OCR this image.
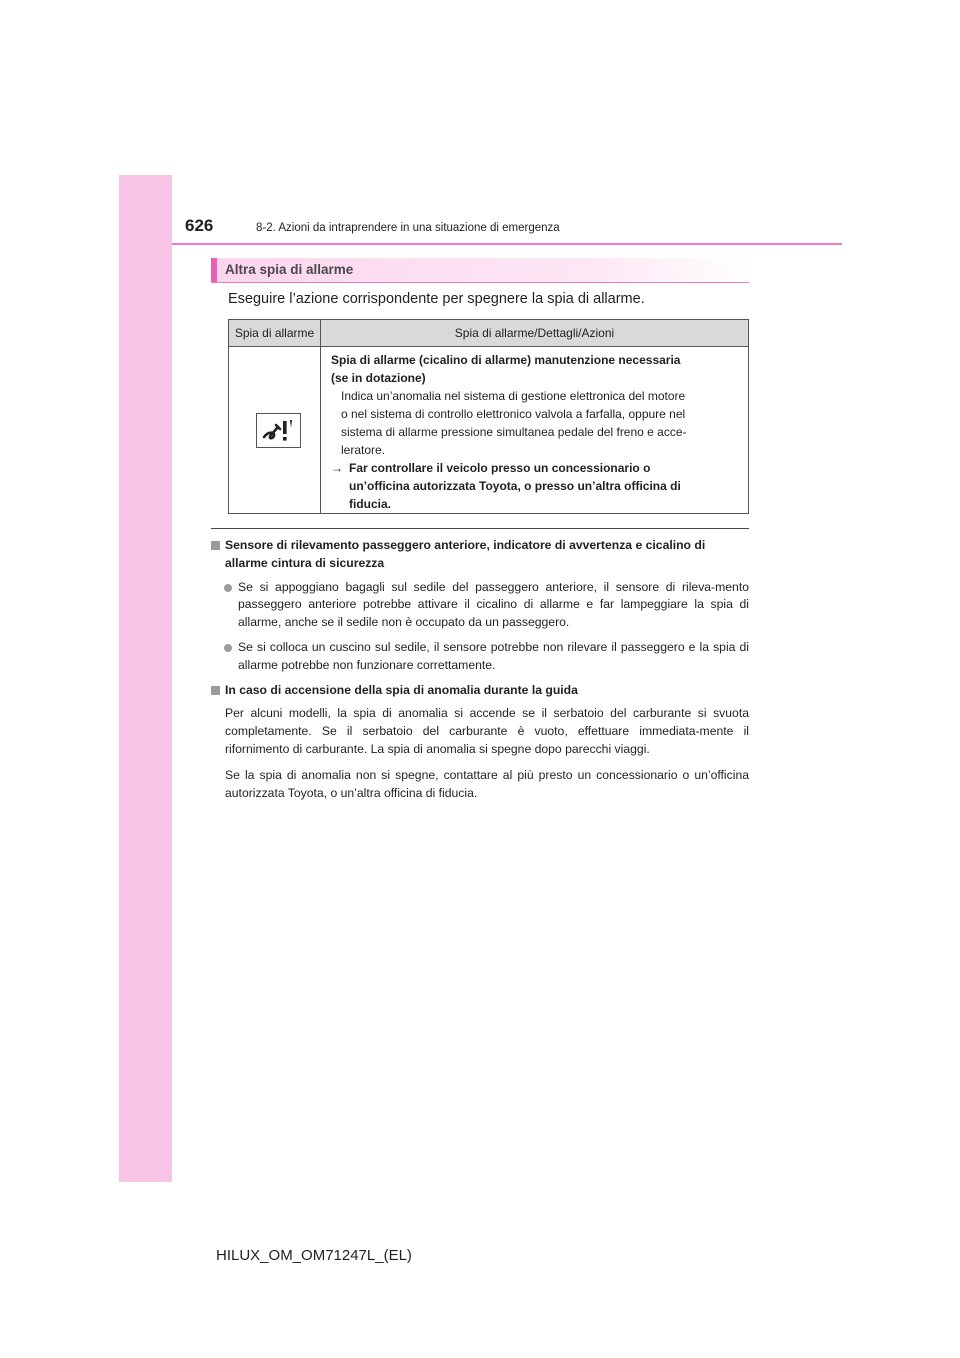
626	8-2. Azioni da intraprendere in una situazione di emergenza
Altra spia di allarme
Eseguire l’azione corrispondente per spegnere la spia di allarme.
Spia di allarme	Spia di allarme/Dettagli/Azioni
Spia di allarme (cicalino di allarme) manutenzione necessaria
(se in dotazione)
Indica un’anomalia nel sistema di gestione elettronica del motore
o nel sistema di controllo elettronico valvola a farfalla, oppure nel
sistema di allarme pressione simultanea pedale del freno e acce-
leratore.
→ Far controllare il veicolo presso un concessionario o
un’officina autorizzata Toyota, o presso un’altra officina di
fiducia.
Sensore di rilevamento passeggero anteriore, indicatore di avvertenza e cicalino di allarme cintura di sicurezza
Se si appoggiano bagagli sul sedile del passeggero anteriore, il sensore di rileva-mento passeggero anteriore potrebbe attivare il cicalino di allarme e far lampeggiare la spia di allarme, anche se il sedile non è occupato da un passeggero.
Se si colloca un cuscino sul sedile, il sensore potrebbe non rilevare il passeggero e la spia di allarme potrebbe non funzionare correttamente.
In caso di accensione della spia di anomalia durante la guida
Per alcuni modelli, la spia di anomalia si accende se il serbatoio del carburante si svuota completamente. Se il serbatoio del carburante è vuoto, effettuare immediata-mente il rifornimento di carburante. La spia di anomalia si spegne dopo parecchi viaggi.
Se la spia di anomalia non si spegne, contattare al più presto un concessionario o un’officina autorizzata Toyota, o un’altra officina di fiducia.
HILUX_OM_OM71247L_(EL)
